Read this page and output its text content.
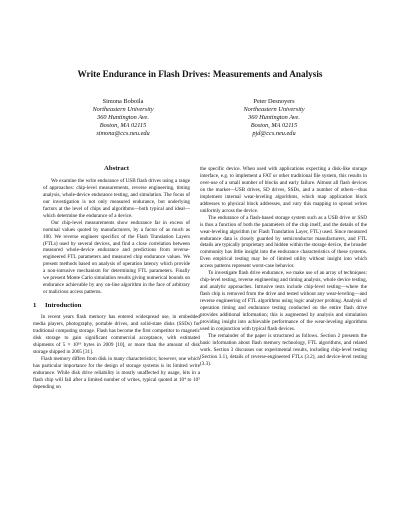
Write Endurance in Flash Drives: Measurements and Analysis
Simona Boboila
Northeastern University
360 Huntington Ave.
Boston, MA 02115
simona@ccs.neu.edu
Peter Desnoyers
Northeastern University
360 Huntington Ave.
Boston, MA 02115
pjd@ccs.neu.edu
Abstract

We examine the write endurance of USB flash drives using a range of approaches: chip-level measurements, reverse engineering, timing analysis, whole-device endurance testing, and simulation. The focus of our investigation is not only measured endurance, but underlying factors at the level of chips and algorithms—both typical and ideal—which determine the endurance of a device.

Our chip-level measurements show endurance far in excess of nominal values quoted by manufacturers, by a factor of as much as 100. We reverse engineer specifics of the Flash Translation Layers (FTLs) used by several devices, and find a close correlation between measured whole-device endurance and predictions from reverse-engineered FTL parameters and measured chip endurance values. We present methods based on analysis of operation latency which provide a non-intrusive mechanism for determining FTL parameters. Finally we present Monte Carlo simulation results giving numerical bounds on endurance achievable by any on-line algorithm in the face of arbitrary or malicious access patterns.

1 Introduction

In recent years flash memory has entered widespread use, in embedded media players, photography, portable drives, and solid-state disks (SSDs) for traditional computing storage. Flash has become the first competitor to magnetic disk storage to gain significant commercial acceptance, with estimated shipments of 5 × 10¹⁹ bytes in 2009 [10], or more than the amount of disk storage shipped in 2005 [31].

Flash memory differs from disk in many characteristics; however, one which has particular importance for the design of storage systems is its limited write endurance. While disk drive reliability is mostly unaffected by usage, bits in a flash chip will fail after a limited number of writes, typical quoted at 10⁴ to 10⁵ depending on

the specific device. When used with applications expecting a disk-like storage interface, e.g. to implement a FAT or other traditional file system, this results in over-use of a small number of blocks and early failure. Almost all flash devices on the market—USB drives, SD drives, SSDs, and a number of others—thus implement internal wear-leveling algorithms, which map application block addresses to physical block addresses, and vary this mapping to spread writes uniformly across the device.

The endurance of a flash-based storage system such as a USB drive or SSD is thus a function of both the parameters of the chip itself, and the details of the wear-leveling algorithm (or Flash Translation Layer, FTL) used. Since measured endurance data is closely guarded by semiconductor manufacturers, and FTL details are typically proprietary and hidden within the storage device, the broader community has little insight into the endurance characteristics of these systems. Even empirical testing may be of limited utility without insight into which access patterns represent worst-case behavior.

To investigate flash drive endurance, we make use of an array of techniques: chip-level testing, reverse engineering and timing analysis, whole device testing, and analytic approaches. Intrusive tests include chip-level testing—where the flash chip is removed from the drive and tested without any wear-leveling—and reverse engineering of FTL algorithms using logic analyzer probing. Analysis of operation timing and endurance testing conducted on the entire flash drive provides additional information; this is augmented by analysis and simulation providing insight into achievable performance of the wear-leveling algorithms used in conjunction with typical flash devices.

The remainder of the paper is structured as follows. Section 2 presents the basic information about flash memory technology, FTL algorithms, and related work. Section 3 discusses our experimental results, including chip-level testing (Section 3.1), details of reverse-engineered FTLs (3.2), and device-level testing (3.3).
